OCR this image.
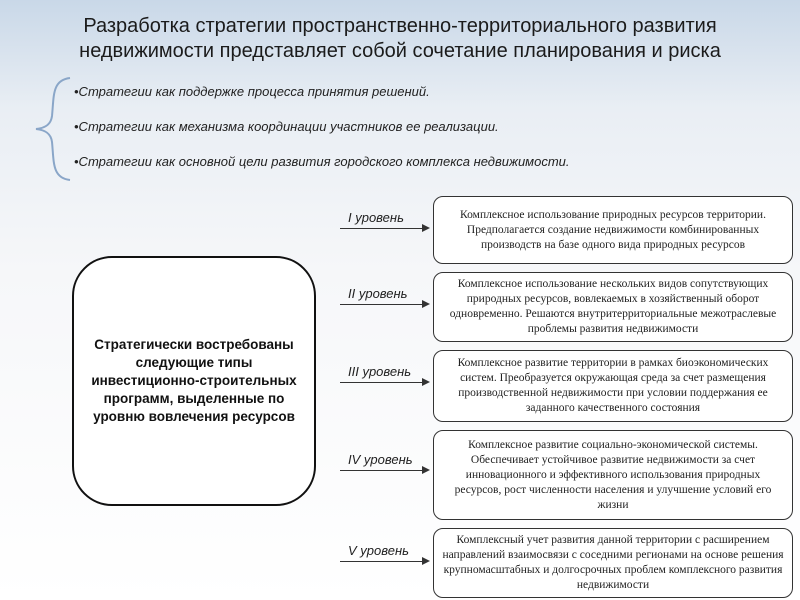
Разработка стратегии пространственно-территориального развития недвижимости представляет собой сочетание планирования и риска
•Стратегии как поддержке процесса принятия решений.
•Стратегии как механизма координации участников ее реализации.
•Стратегии как основной цели развития городского комплекса недвижимости.
Стратегически востребованы следующие типы инвестиционно-строительных программ, выделенные по уровню вовлечения ресурсов
I уровень	Комплексное использование природных ресурсов территории. Предполагается создание недвижимости комбинированных производств на базе одного вида природных ресурсов
II уровень
Комплексное использование нескольких видов сопутствующих природных ресурсов, вовлекаемых в хозяйственный оборот одновременно. Решаются внутритерриториальные межотраслевые проблемы развития недвижимости
III уровень
Комплексное развитие территории в рамках биоэкономических систем. Преобразуется окружающая среда за счет размещения производственной недвижимости при условии поддержания ее заданного качественного состояния
IV уровень
Комплексное развитие социально-экономической системы. Обеспечивает устойчивое развитие недвижимости за счет инновационного и эффективного использования природных ресурсов, рост численности населения и улучшение условий его жизни
V уровень
Комплексный учет развития данной территории с расширением направлений взаимосвязи с соседними регионами на основе решения крупномасштабных и долгосрочных проблем комплексного развития недвижимости
